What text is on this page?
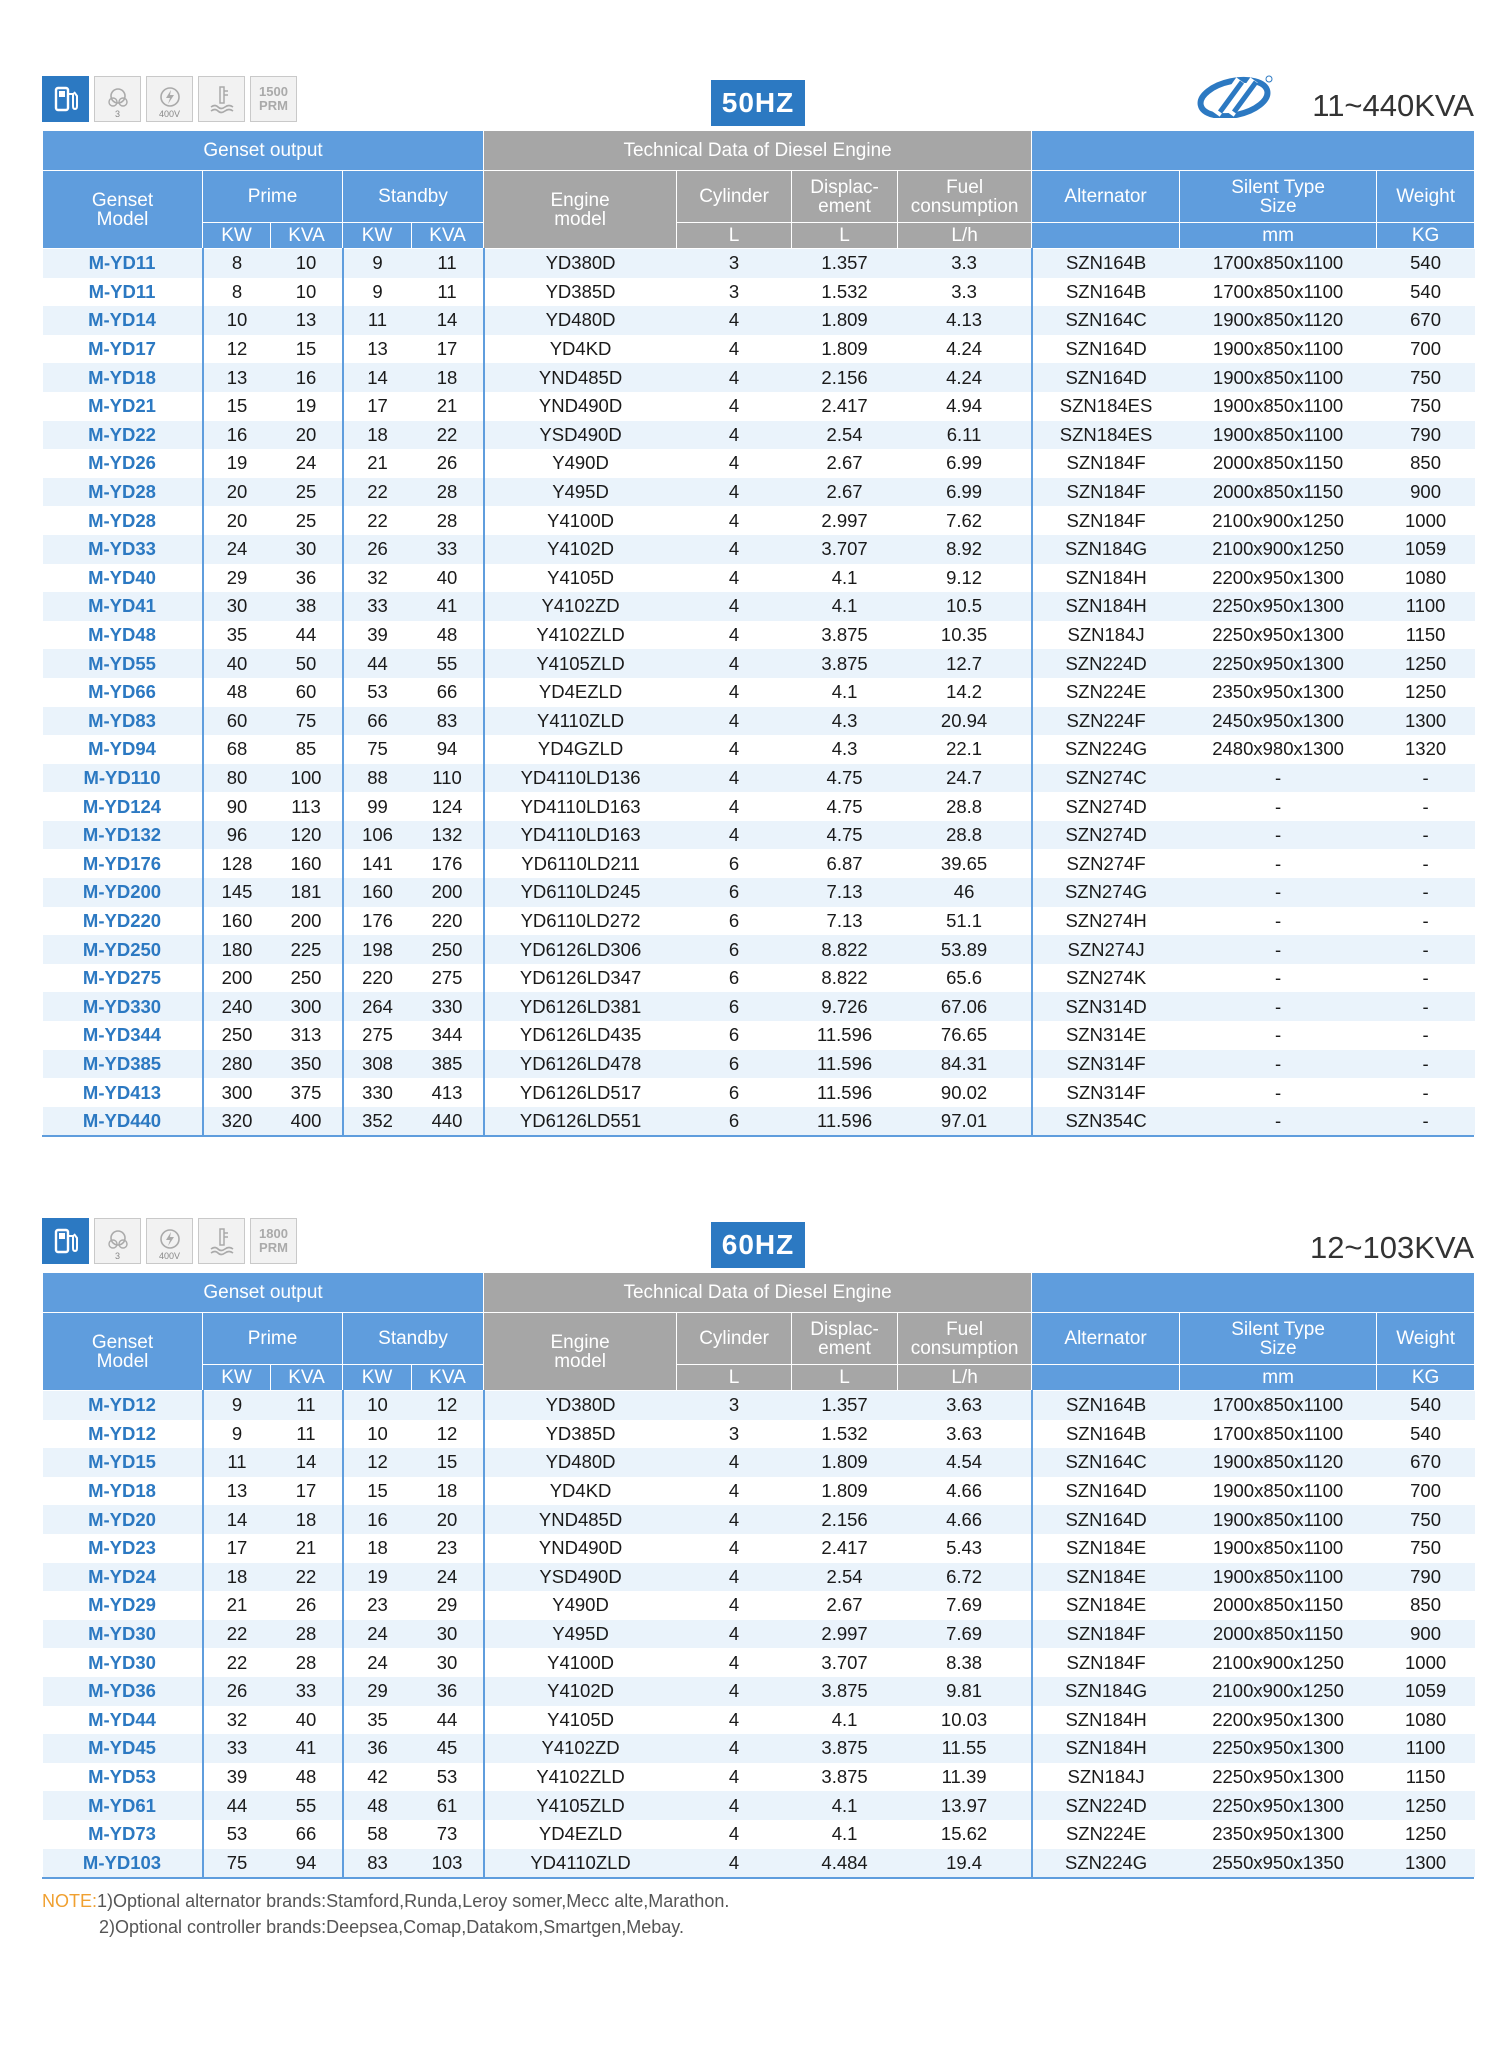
3	400V
1500
PRM	50HZ	11~440KVA
Genset output					Technical Data of Diesel Engine						
Genset Model	Prime		Standby		Engine model	Cylinder	Displac- ement	Fuel consumption	Alternator	Silent Type Size	Weight
	KW	KVA	KW	KVA		L	L	L/h		mm	KG
M-YD11	8	10	9	11	YD380D	3	1.357	3.3	SZN164B	1700x850x1100	540
M-YD11	8	10	9	11	YD385D	3	1.532	3.3	SZN164B	1700x850x1100	540
M-YD14	10	13	11	14	YD480D	4	1.809	4.13	SZN164C	1900x850x1120	670
M-YD17	12	15	13	17	YD4KD	4	1.809	4.24	SZN164D	1900x850x1100	700
M-YD18	13	16	14	18	YND485D	4	2.156	4.24	SZN164D	1900x850x1100	750
M-YD21	15	19	17	21	YND490D	4	2.417	4.94	SZN184ES	1900x850x1100	750
M-YD22	16	20	18	22	YSD490D	4	2.54	6.11	SZN184ES	1900x850x1100	790
M-YD26	19	24	21	26	Y490D	4	2.67	6.99	SZN184F	2000x850x1150	850
M-YD28	20	25	22	28	Y495D	4	2.67	6.99	SZN184F	2000x850x1150	900
M-YD28	20	25	22	28	Y4100D	4	2.997	7.62	SZN184F	2100x900x1250	1000
M-YD33	24	30	26	33	Y4102D	4	3.707	8.92	SZN184G	2100x900x1250	1059
M-YD40	29	36	32	40	Y4105D	4	4.1	9.12	SZN184H	2200x950x1300	1080
M-YD41	30	38	33	41	Y4102ZD	4	4.1	10.5	SZN184H	2250x950x1300	1100
M-YD48	35	44	39	48	Y4102ZLD	4	3.875	10.35	SZN184J	2250x950x1300	1150
M-YD55	40	50	44	55	Y4105ZLD	4	3.875	12.7	SZN224D	2250x950x1300	1250
M-YD66	48	60	53	66	YD4EZLD	4	4.1	14.2	SZN224E	2350x950x1300	1250
M-YD83	60	75	66	83	Y4110ZLD	4	4.3	20.94	SZN224F	2450x950x1300	1300
M-YD94	68	85	75	94	YD4GZLD	4	4.3	22.1	SZN224G	2480x980x1300	1320
M-YD110	80	100	88	110	YD4110LD136	4	4.75	24.7	SZN274C	-	-
M-YD124	90	113	99	124	YD4110LD163	4	4.75	28.8	SZN274D	-	-
M-YD132	96	120	106	132	YD4110LD163	4	4.75	28.8	SZN274D	-	-
M-YD176	128	160	141	176	YD6110LD211	6	6.87	39.65	SZN274F	-	-
M-YD200	145	181	160	200	YD6110LD245	6	7.13	46	SZN274G	-	-
M-YD220	160	200	176	220	YD6110LD272	6	7.13	51.1	SZN274H	-	-
M-YD250	180	225	198	250	YD6126LD306	6	8.822	53.89	SZN274J	-	-
M-YD275	200	250	220	275	YD6126LD347	6	8.822	65.6	SZN274K	-	-
M-YD330	240	300	264	330	YD6126LD381	6	9.726	67.06	SZN314D	-	-
M-YD344	250	313	275	344	YD6126LD435	6	11.596	76.65	SZN314E	-	-
M-YD385	280	350	308	385	YD6126LD478	6	11.596	84.31	SZN314F	-	-
M-YD413	300	375	330	413	YD6126LD517	6	11.596	90.02	SZN314F	-	-
M-YD440	320	400	352	440	YD6126LD551	6	11.596	97.01	SZN354C	-	-
3	400V
1800
PRM	60HZ	12~103KVA
Genset output					Technical Data of Diesel Engine						
Genset Model	Prime		Standby		Engine model	Cylinder	Displac- ement	Fuel consumption	Alternator	Silent Type Size	Weight
	KW	KVA	KW	KVA		L	L	L/h		mm	KG
M-YD12	9	11	10	12	YD380D	3	1.357	3.63	SZN164B	1700x850x1100	540
M-YD12	9	11	10	12	YD385D	3	1.532	3.63	SZN164B	1700x850x1100	540
M-YD15	11	14	12	15	YD480D	4	1.809	4.54	SZN164C	1900x850x1120	670
M-YD18	13	17	15	18	YD4KD	4	1.809	4.66	SZN164D	1900x850x1100	700
M-YD20	14	18	16	20	YND485D	4	2.156	4.66	SZN164D	1900x850x1100	750
M-YD23	17	21	18	23	YND490D	4	2.417	5.43	SZN184E	1900x850x1100	750
M-YD24	18	22	19	24	YSD490D	4	2.54	6.72	SZN184E	1900x850x1100	790
M-YD29	21	26	23	29	Y490D	4	2.67	7.69	SZN184E	2000x850x1150	850
M-YD30	22	28	24	30	Y495D	4	2.997	7.69	SZN184F	2000x850x1150	900
M-YD30	22	28	24	30	Y4100D	4	3.707	8.38	SZN184F	2100x900x1250	1000
M-YD36	26	33	29	36	Y4102D	4	3.875	9.81	SZN184G	2100x900x1250	1059
M-YD44	32	40	35	44	Y4105D	4	4.1	10.03	SZN184H	2200x950x1300	1080
M-YD45	33	41	36	45	Y4102ZD	4	3.875	11.55	SZN184H	2250x950x1300	1100
M-YD53	39	48	42	53	Y4102ZLD	4	3.875	11.39	SZN184J	2250x950x1300	1150
M-YD61	44	55	48	61	Y4105ZLD	4	4.1	13.97	SZN224D	2250x950x1300	1250
M-YD73	53	66	58	73	YD4EZLD	4	4.1	15.62	SZN224E	2350x950x1300	1250
M-YD103	75	94	83	103	YD4110ZLD	4	4.484	19.4	SZN224G	2550x950x1350	1300
NOTE:1)Optional alternator brands:Stamford,Runda,Leroy somer,Mecc alte,Marathon.
2)Optional controller brands:Deepsea,Comap,Datakom,Smartgen,Mebay.
